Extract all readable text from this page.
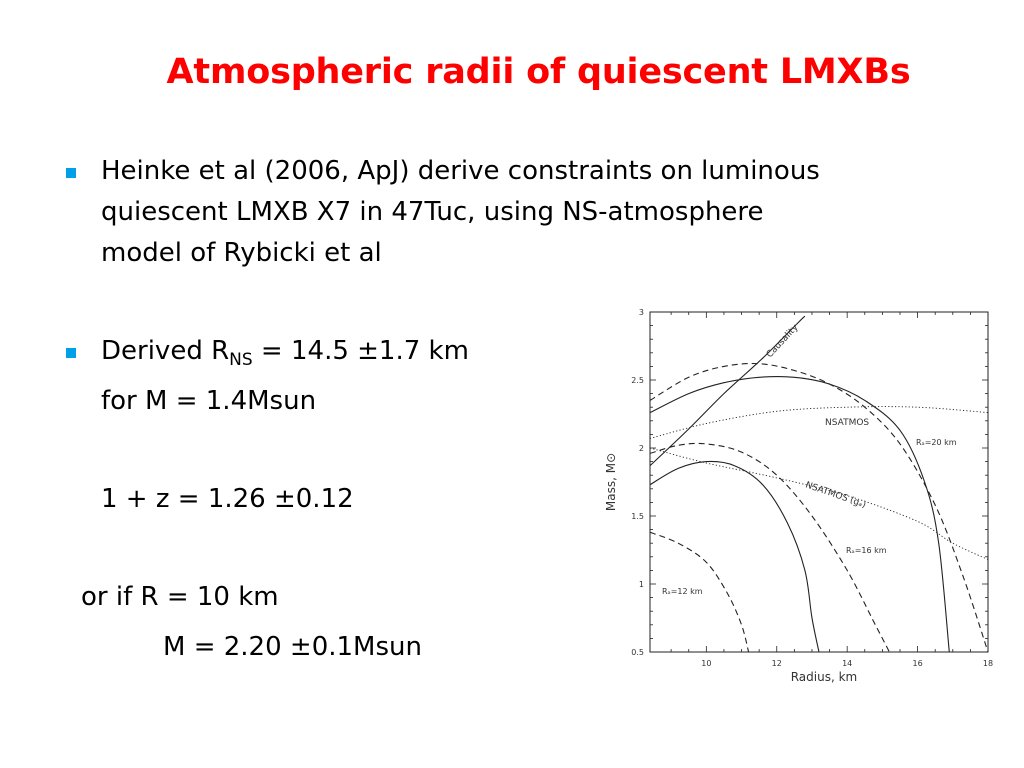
Atmospheric radii of quiescent LMXBs
Heinke et al (2006, ApJ) derive constraints on luminous
quiescent LMXB X7 in 47Tuc, using NS-atmosphere
model of Rybicki et al
Derived $R_{NS} = 14.5 \pm 1.7$ km
for M = 1.4Msun
1 + z = 1.26 ±0.12
or if R = 10 km
M = 2.20 ±0.1Msun
10	12	14	16	18
0.5
1
1.5
2
2.5
3
Radius, km
Mass, M⊙
Causality
NSATMOS
NSATMOS (gₐ)
Rₐ=20 km
Rₐ=16 km
Rₐ=12 km
